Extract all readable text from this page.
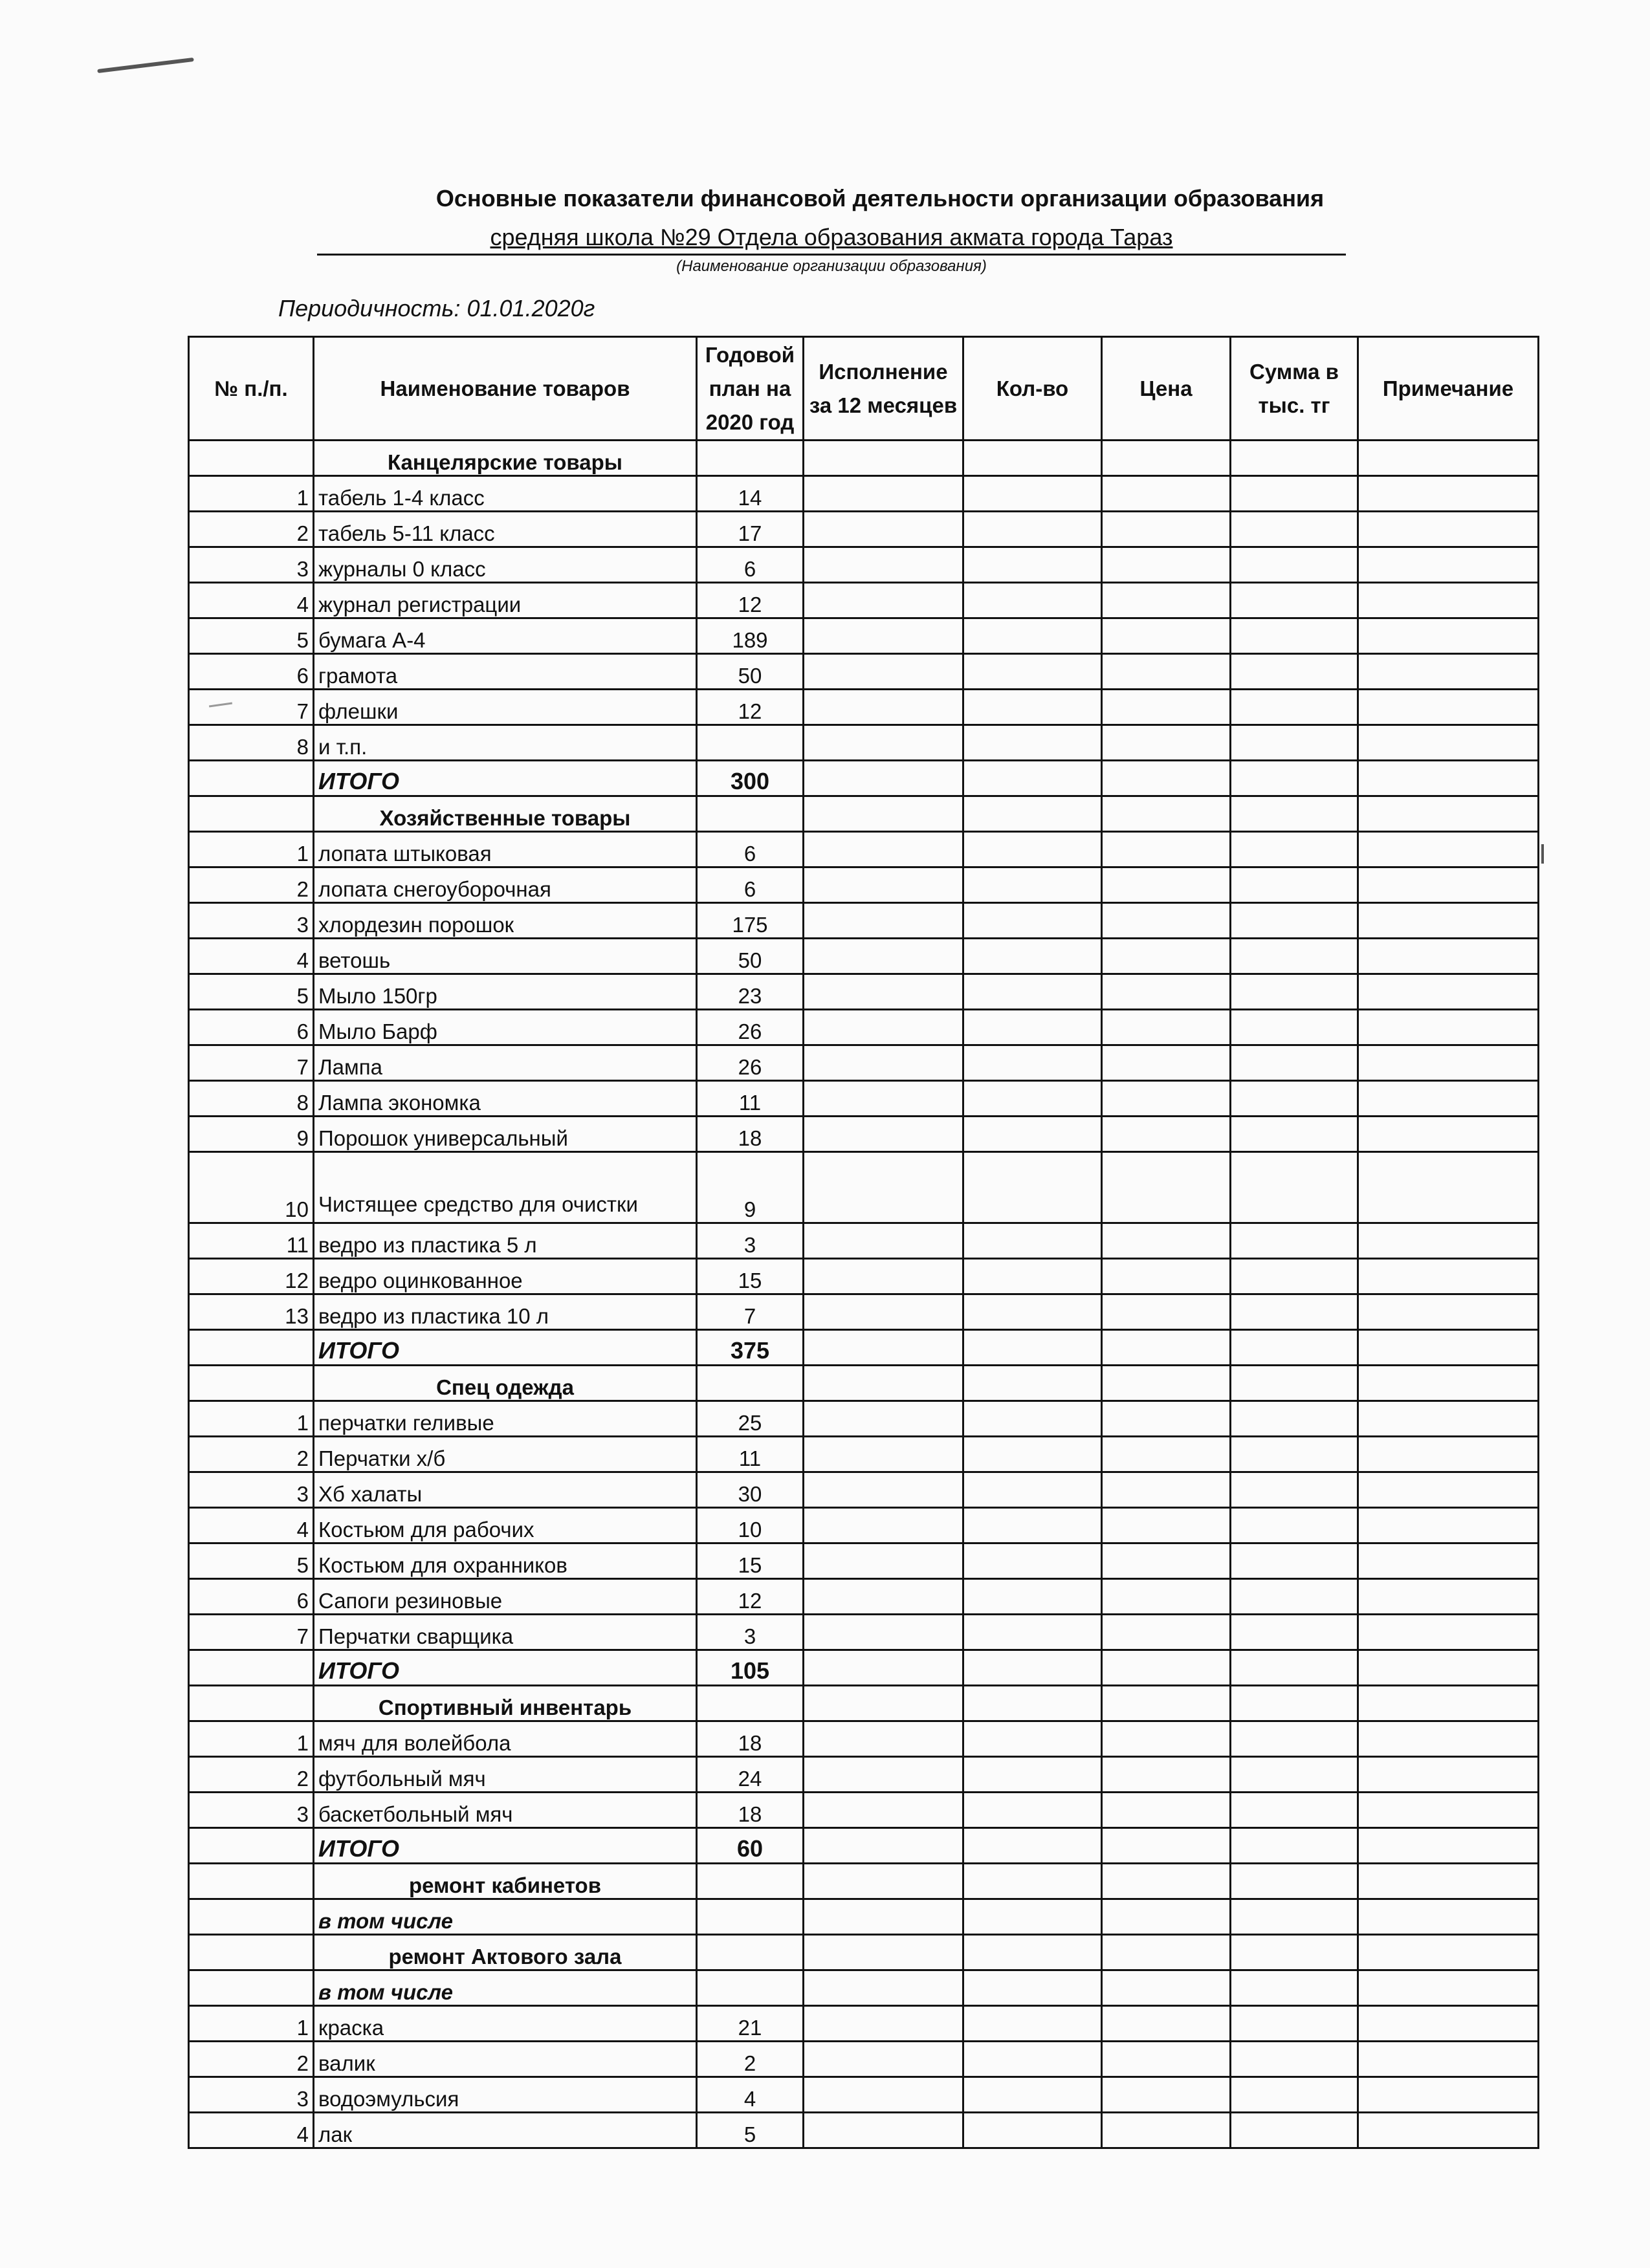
Основные показатели финансовой деятельности организации образования
средняя школа №29 Отдела образования акмата города Тараз
(Наименование организации образования)
Периодичность: 01.01.2020г
№ п./п.	Наименование товаров	Годовой план на 2020 год	Исполнение за 12 месяцев	Кол-во	Цена	Сумма в тыс. тг	Примечание
	Канцелярские товары						
1	табель 1-4 класс	14					
2	табель 5-11 класс	17					
3	журналы 0 класс	6					
4	журнал регистрации	12					
5	бумага А-4	189					
6	грамота	50					
7	флешки	12					
8	и т.п.						
	ИТОГО	300					
	Хозяйственные товары						
1	лопата штыковая	6					
2	лопата снегоуборочная	6					
3	хлордезин порошок	175					
4	ветошь	50					
5	Мыло 150гр	23					
6	Мыло Барф	26					
7	Лампа	26					
8	Лампа экономка	11					
9	Порошок универсальный	18					
10	Чистящее средство для очистки	9					
11	ведро из пластика 5 л	3					
12	ведро оцинкованное	15					
13	ведро из пластика 10 л	7					
	ИТОГО	375					
	Спец одежда						
1	перчатки геливые	25					
2	Перчатки х/б	11					
3	Хб халаты	30					
4	Костьюм для рабочих	10					
5	Костьюм для охранников	15					
6	Сапоги резиновые	12					
7	Перчатки сварщика	3					
	ИТОГО	105					
	Спортивный инвентарь						
1	мяч для волейбола	18					
2	футбольный мяч	24					
3	баскетбольный мяч	18					
	ИТОГО	60					
	ремонт кабинетов						
	в том числе						
	ремонт Актового зала						
	в том числе						
1	краска	21					
2	валик	2					
3	водоэмульсия	4					
4	лак	5					
